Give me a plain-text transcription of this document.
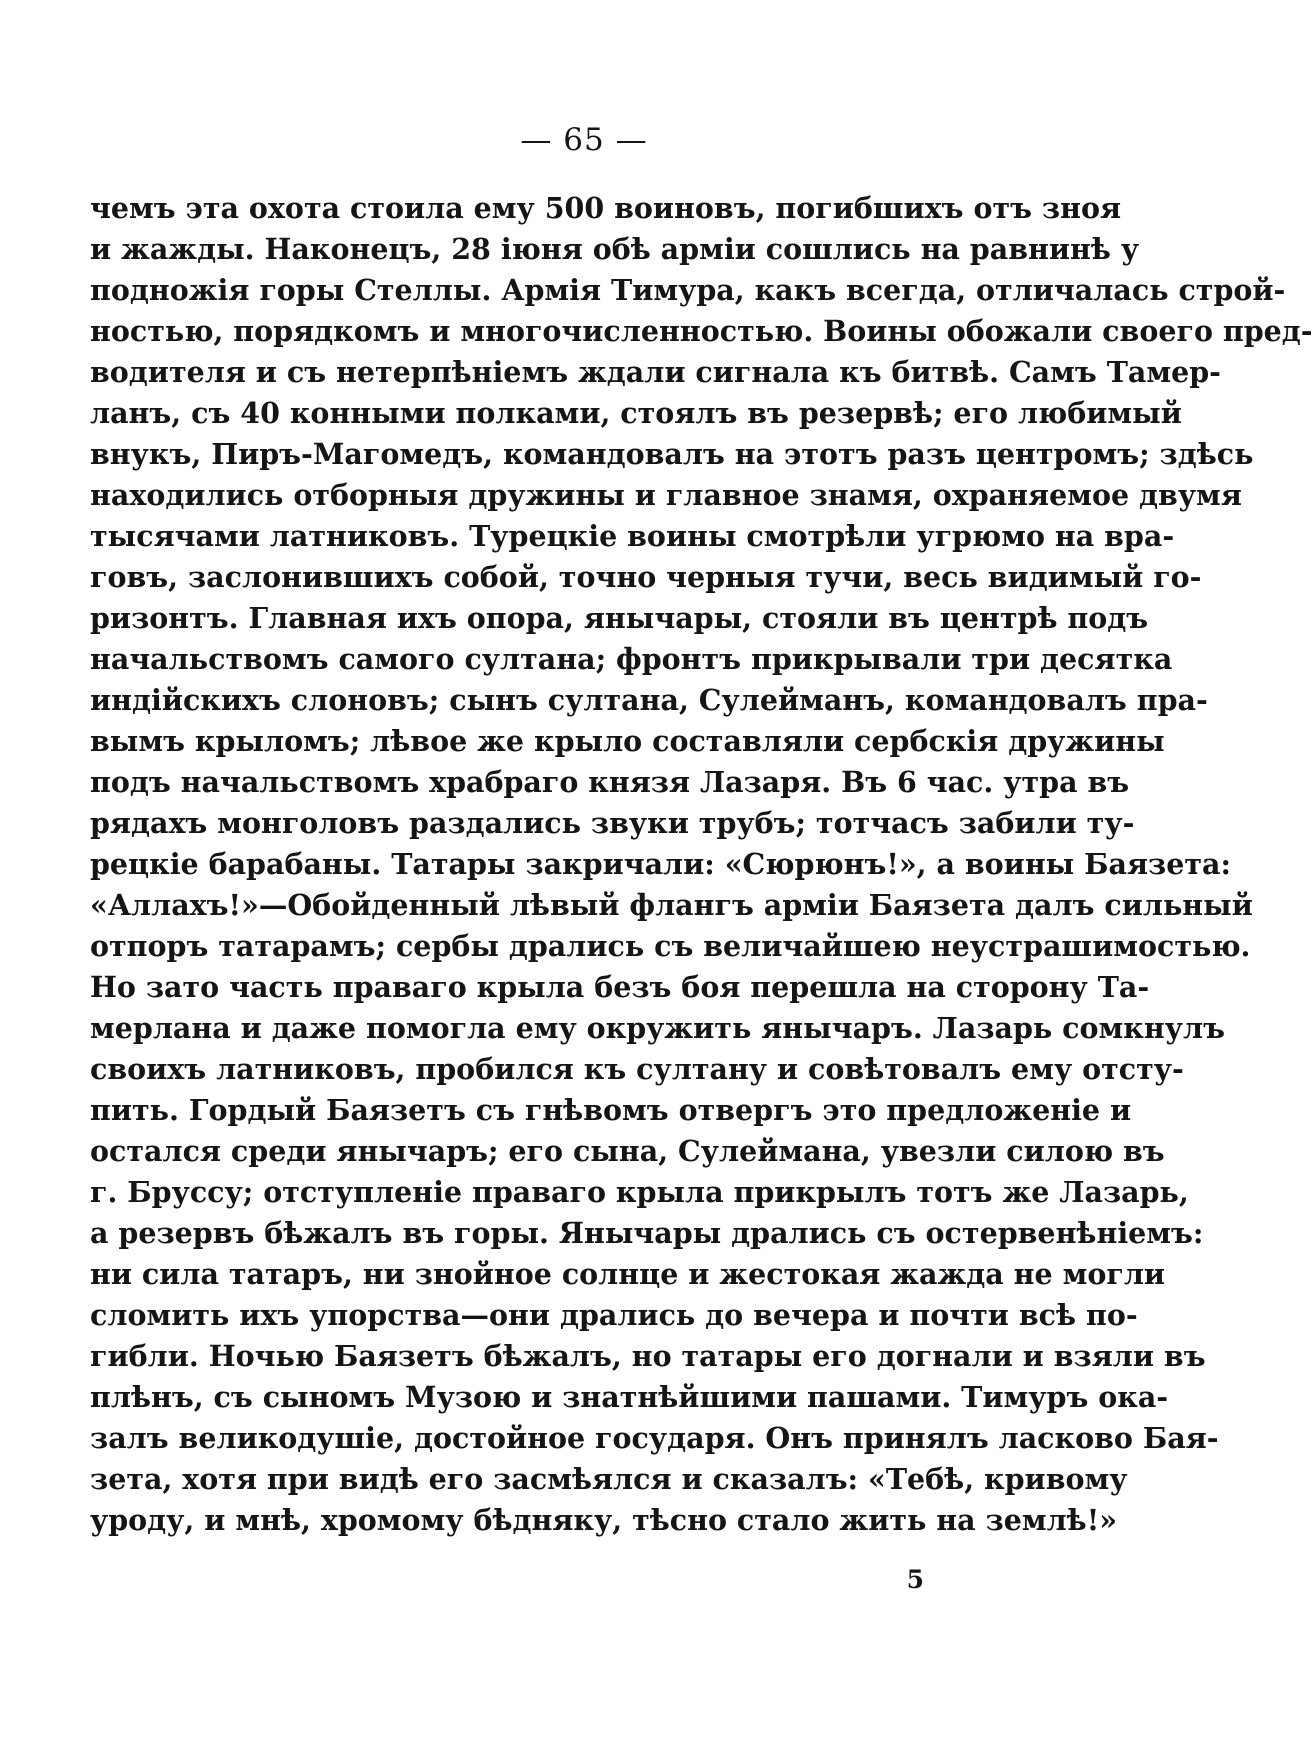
— 65 —
чемъ эта охота стоила ему 500 воиновъ, погибшихъ отъ зноя
и жажды. Наконецъ, 28 іюня обѣ арміи сошлись на равнинѣ у
подножія горы Стеллы. Армія Тимура, какъ всегда, отличалась строй-
ностью, порядкомъ и многочисленностью. Воины обожали своего пред-
водителя и съ нетерпѣніемъ ждали сигнала къ битвѣ. Самъ Тамер-
ланъ, съ 40 конными полками, стоялъ въ резервѣ; его любимый
внукъ, Пиръ-Магомедъ, командовалъ на этотъ разъ центромъ; здѣсь
находились отборныя дружины и главное знамя, охраняемое двумя
тысячами латниковъ. Турецкіе воины смотрѣли угрюмо на вра-
говъ, заслонившихъ собой, точно черныя тучи, весь видимый го-
ризонтъ. Главная ихъ опора, янычары, стояли въ центрѣ подъ
начальствомъ самого султана; фронтъ прикрывали три десятка
индійскихъ слоновъ; сынъ султана, Сулейманъ, командовалъ пра-
вымъ крыломъ; лѣвое же крыло составляли сербскія дружины
подъ начальствомъ храбраго князя Лазаря. Въ 6 час. утра въ
рядахъ монголовъ раздались звуки трубъ; тотчасъ забили ту-
рецкіе барабаны. Татары закричали: «Сюрюнъ!», а воины Баязета:
«Аллахъ!»—Обойденный лѣвый флангъ арміи Баязета далъ сильный
отпоръ татарамъ; сербы дрались съ величайшею неустрашимостью.
Но зато часть праваго крыла безъ боя перешла на сторону Та-
мерлана и даже помогла ему окружить янычаръ. Лазарь сомкнулъ
своихъ латниковъ, пробился къ султану и совѣтовалъ ему отсту-
пить. Гордый Баязетъ съ гнѣвомъ отвергъ это предложеніе и
остался среди янычаръ; его сына, Сулеймана, увезли силою въ
г. Бруссу; отступленіе праваго крыла прикрылъ тотъ же Лазарь,
а резервъ бѣжалъ въ горы. Янычары дрались съ остервенѣніемъ:
ни сила татаръ, ни знойное солнце и жестокая жажда не могли
сломить ихъ упорства—они дрались до вечера и почти всѣ по-
гибли. Ночью Баязетъ бѣжалъ, но татары его догнали и взяли въ
плѣнъ, съ сыномъ Музою и знатнѣйшими пашами. Тимуръ ока-
залъ великодушіе, достойное государя. Онъ принялъ ласково Бая-
зета, хотя при видѣ его засмѣялся и сказалъ: «Тебѣ, кривому
уроду, и мнѣ, хромому бѣдняку, тѣсно стало жить на землѣ!»
5
